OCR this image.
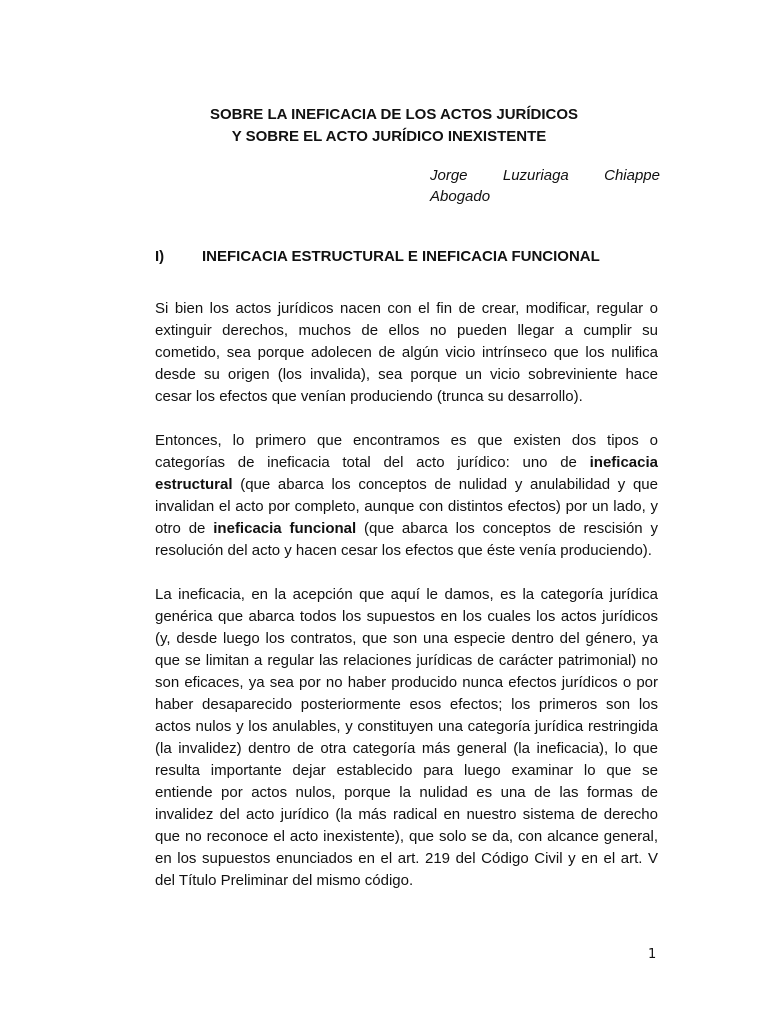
SOBRE LA INEFICACIA DE LOS ACTOS JURÍDICOS
Y SOBRE EL ACTO JURÍDICO INEXISTENTE
Jorge Luzuriaga Chiappe
Abogado
I)	INEFICACIA ESTRUCTURAL E INEFICACIA FUNCIONAL

Si bien los actos jurídicos nacen con el fin de crear, modificar, regular o extinguir derechos, muchos de ellos no pueden llegar a cumplir su cometido, sea porque adolecen de algún vicio intrínseco que los nulifica desde su origen (los invalida), sea porque un vicio sobreviniente hace cesar los efectos que venían produciendo (trunca su desarrollo).

Entonces, lo primero que encontramos es que existen dos tipos o categorías de ineficacia total del acto jurídico: uno de ineficacia estructural (que abarca los conceptos de nulidad y anulabilidad y que invalidan el acto por completo, aunque con distintos efectos) por un lado, y otro de ineficacia funcional (que abarca los conceptos de rescisión y resolución del acto y hacen cesar los efectos que éste venía produciendo).

La ineficacia, en la acepción que aquí le damos, es la categoría jurídica genérica que abarca todos los supuestos en los cuales los actos jurídicos (y, desde luego los contratos, que son una especie dentro del género, ya que se limitan a regular las relaciones jurídicas de carácter patrimonial) no son eficaces, ya sea por no haber producido nunca efectos jurídicos o por haber desaparecido posteriormente esos efectos; los primeros son los actos nulos y los anulables, y constituyen una categoría jurídica restringida (la invalidez) dentro de otra categoría más general (la ineficacia), lo que resulta importante dejar establecido para luego examinar lo que se entiende por actos nulos, porque la nulidad es una de las formas de invalidez del acto jurídico (la más radical en nuestro sistema de derecho que no reconoce el acto inexistente), que solo se da, con alcance general, en los supuestos enunciados en el art. 219 del Código Civil y en el art. V del Título Preliminar del mismo código.

1
